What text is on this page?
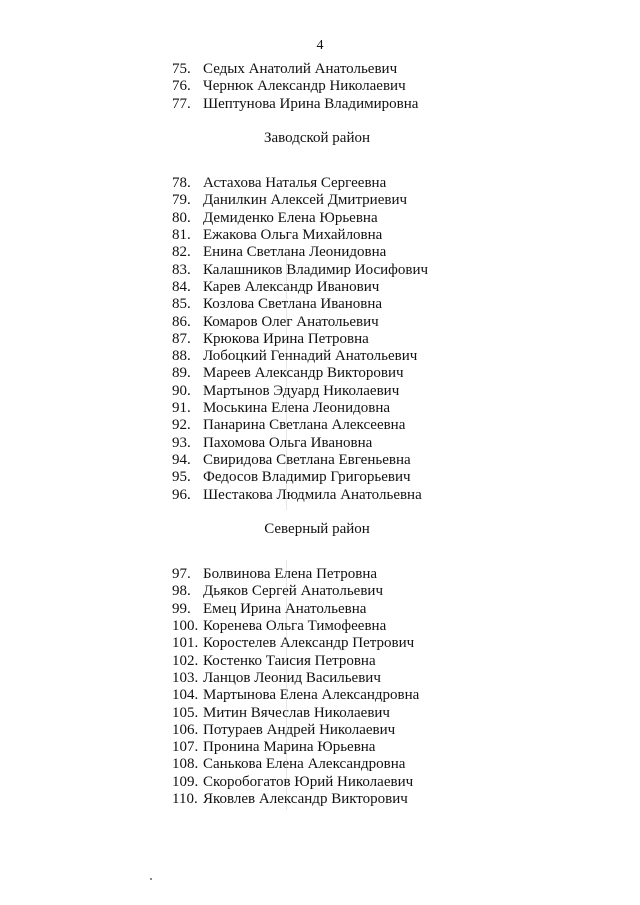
4
75. Седых Анатолий Анатольевич
76. Чернюк Александр Николаевич
77. Шептунова Ирина Владимировна
Заводской район
78. Астахова Наталья Сергеевна
79. Данилкин Алексей Дмитриевич
80. Демиденко Елена Юрьевна
81. Ежакова Ольга Михайловна
82. Енина Светлана Леонидовна
83. Калашников Владимир Иосифович
84. Карев Александр Иванович
85. Козлова Светлана Ивановна
86. Комаров Олег Анатольевич
87. Крюкова Ирина Петровна
88. Лобоцкий Геннадий Анатольевич
89. Мареев Александр Викторович
90. Мартынов Эдуард Николаевич
91. Моськина Елена Леонидовна
92. Панарина Светлана Алексеевна
93. Пахомова Ольга Ивановна
94. Свиридова Светлана Евгеньевна
95. Федосов Владимир Григорьевич
96. Шестакова Людмила Анатольевна
Северный район
97. Болвинова Елена Петровна
98. Дьяков Сергей Анатольевич
99. Емец Ирина Анатольевна
100. Коренева Ольга Тимофеевна
101. Коростелев Александр Петрович
102. Костенко Таисия Петровна
103. Ланцов Леонид Васильевич
104. Мартынова Елена Александровна
105. Митин Вячеслав Николаевич
106. Потураев Андрей Николаевич
107. Пронина Марина Юрьевна
108. Санькова Елена Александровна
109. Скоробогатов Юрий Николаевич
110. Яковлев Александр Викторович
